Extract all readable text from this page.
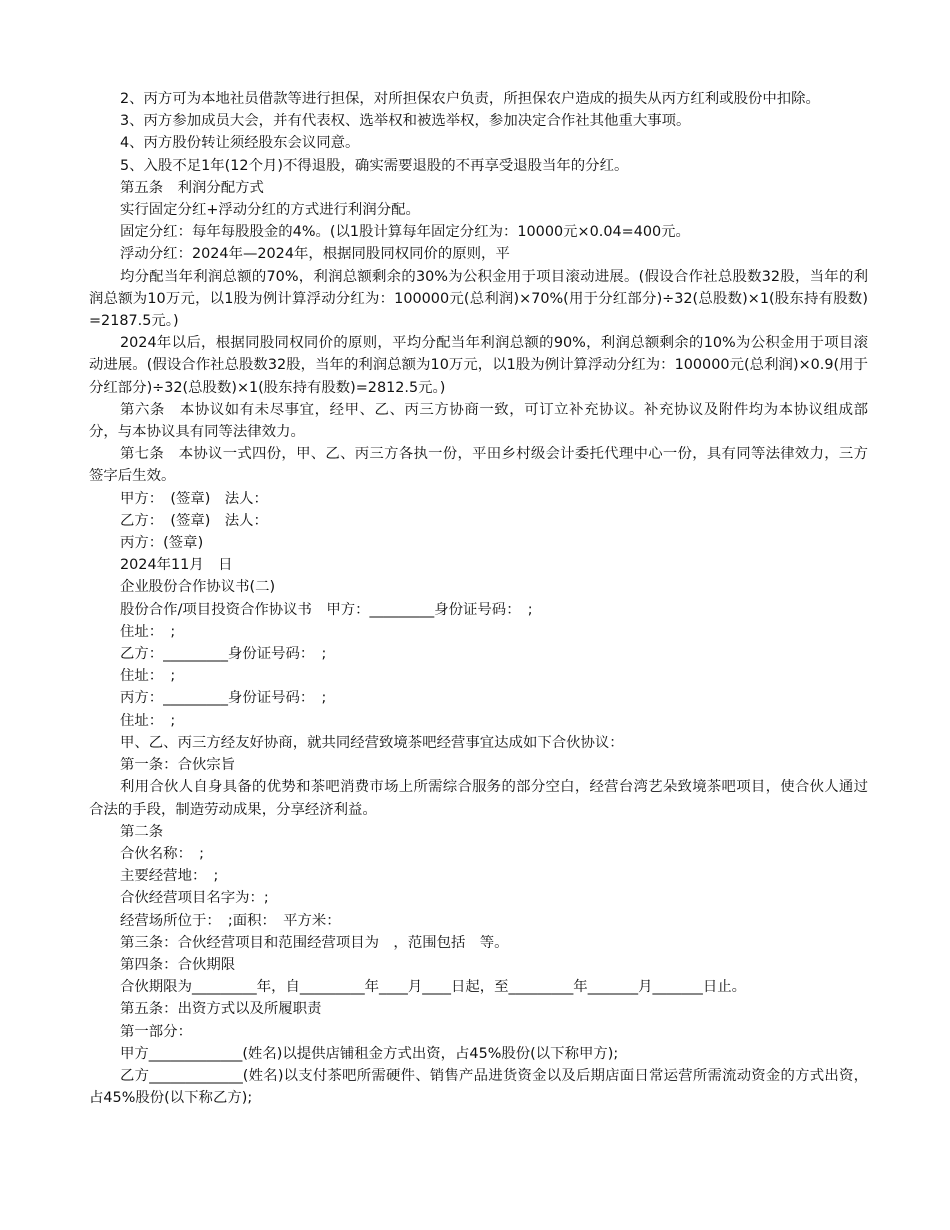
2、丙方可为本地社员借款等进行担保，对所担保农户负责，所担保农户造成的损失从丙方红利或股份中扣除。

3、丙方参加成员大会，并有代表权、选举权和被选举权，参加决定合作社其他重大事项。

4、丙方股份转让须经股东会议同意。

5、入股不足1年(12个月)不得退股，确实需要退股的不再享受退股当年的分红。

第五条　利润分配方式

实行固定分红+浮动分红的方式进行利润分配。

固定分红：每年每股股金的4%。(以1股计算每年固定分红为：10000元×0.04=400元。

浮动分红：2024年—2024年，根据同股同权同价的原则，平

均分配当年利润总额的70%，利润总额剩余的30%为公积金用于项目滚动进展。(假设合作社总股数32股，当年的利润总额为10万元，以1股为例计算浮动分红为：100000元(总利润)×70%(用于分红部分)÷32(总股数)×1(股东持有股数)=2187.5元。)

2024年以后，根据同股同权同价的原则，平均分配当年利润总额的90%，利润总额剩余的10%为公积金用于项目滚动进展。(假设合作社总股数32股，当年的利润总额为10万元，以1股为例计算浮动分红为：100000元(总利润)×0.9(用于分红部分)÷32(总股数)×1(股东持有股数)=2812.5元。)

第六条　本协议如有未尽事宜，经甲、乙、丙三方协商一致，可订立补充协议。补充协议及附件均为本协议组成部分，与本协议具有同等法律效力。

第七条　本协议一式四份，甲、乙、丙三方各执一份，平田乡村级会计委托代理中心一份，具有同等法律效力，三方签字后生效。

甲方：　(签章)　法人：

乙方：　(签章)　法人：

丙方：(签章)

2024年11月　日

企业股份合作协议书(二)

股份合作/项目投资合作协议书　甲方：_________身份证号码：　;

住址：　;

乙方：_________身份证号码：　;

住址：　;

丙方：_________身份证号码：　;

住址：　;

甲、乙、丙三方经友好协商，就共同经营致境茶吧经营事宜达成如下合伙协议：

第一条：合伙宗旨

利用合伙人自身具备的优势和茶吧消费市场上所需综合服务的部分空白，经营台湾艺朵致境茶吧项目，使合伙人通过合法的手段，制造劳动成果，分享经济利益。

第二条

合伙名称：　;

主要经营地：　;

合伙经营项目名字为：;

经营场所位于：　;面积：　平方米：

第三条：合伙经营项目和范围经营项目为　，范围包括　等。

第四条：合伙期限

合伙期限为_________年，自_________年____月____日起，至_________年_______月_______日止。

第五条：出资方式以及所履职责

第一部分：

甲方_____________(姓名)以提供店铺租金方式出资，占45%股份(以下称甲方);

乙方_____________(姓名)以支付茶吧所需硬件、销售产品进货资金以及后期店面日常运营所需流动资金的方式出资，占45%股份(以下称乙方);
